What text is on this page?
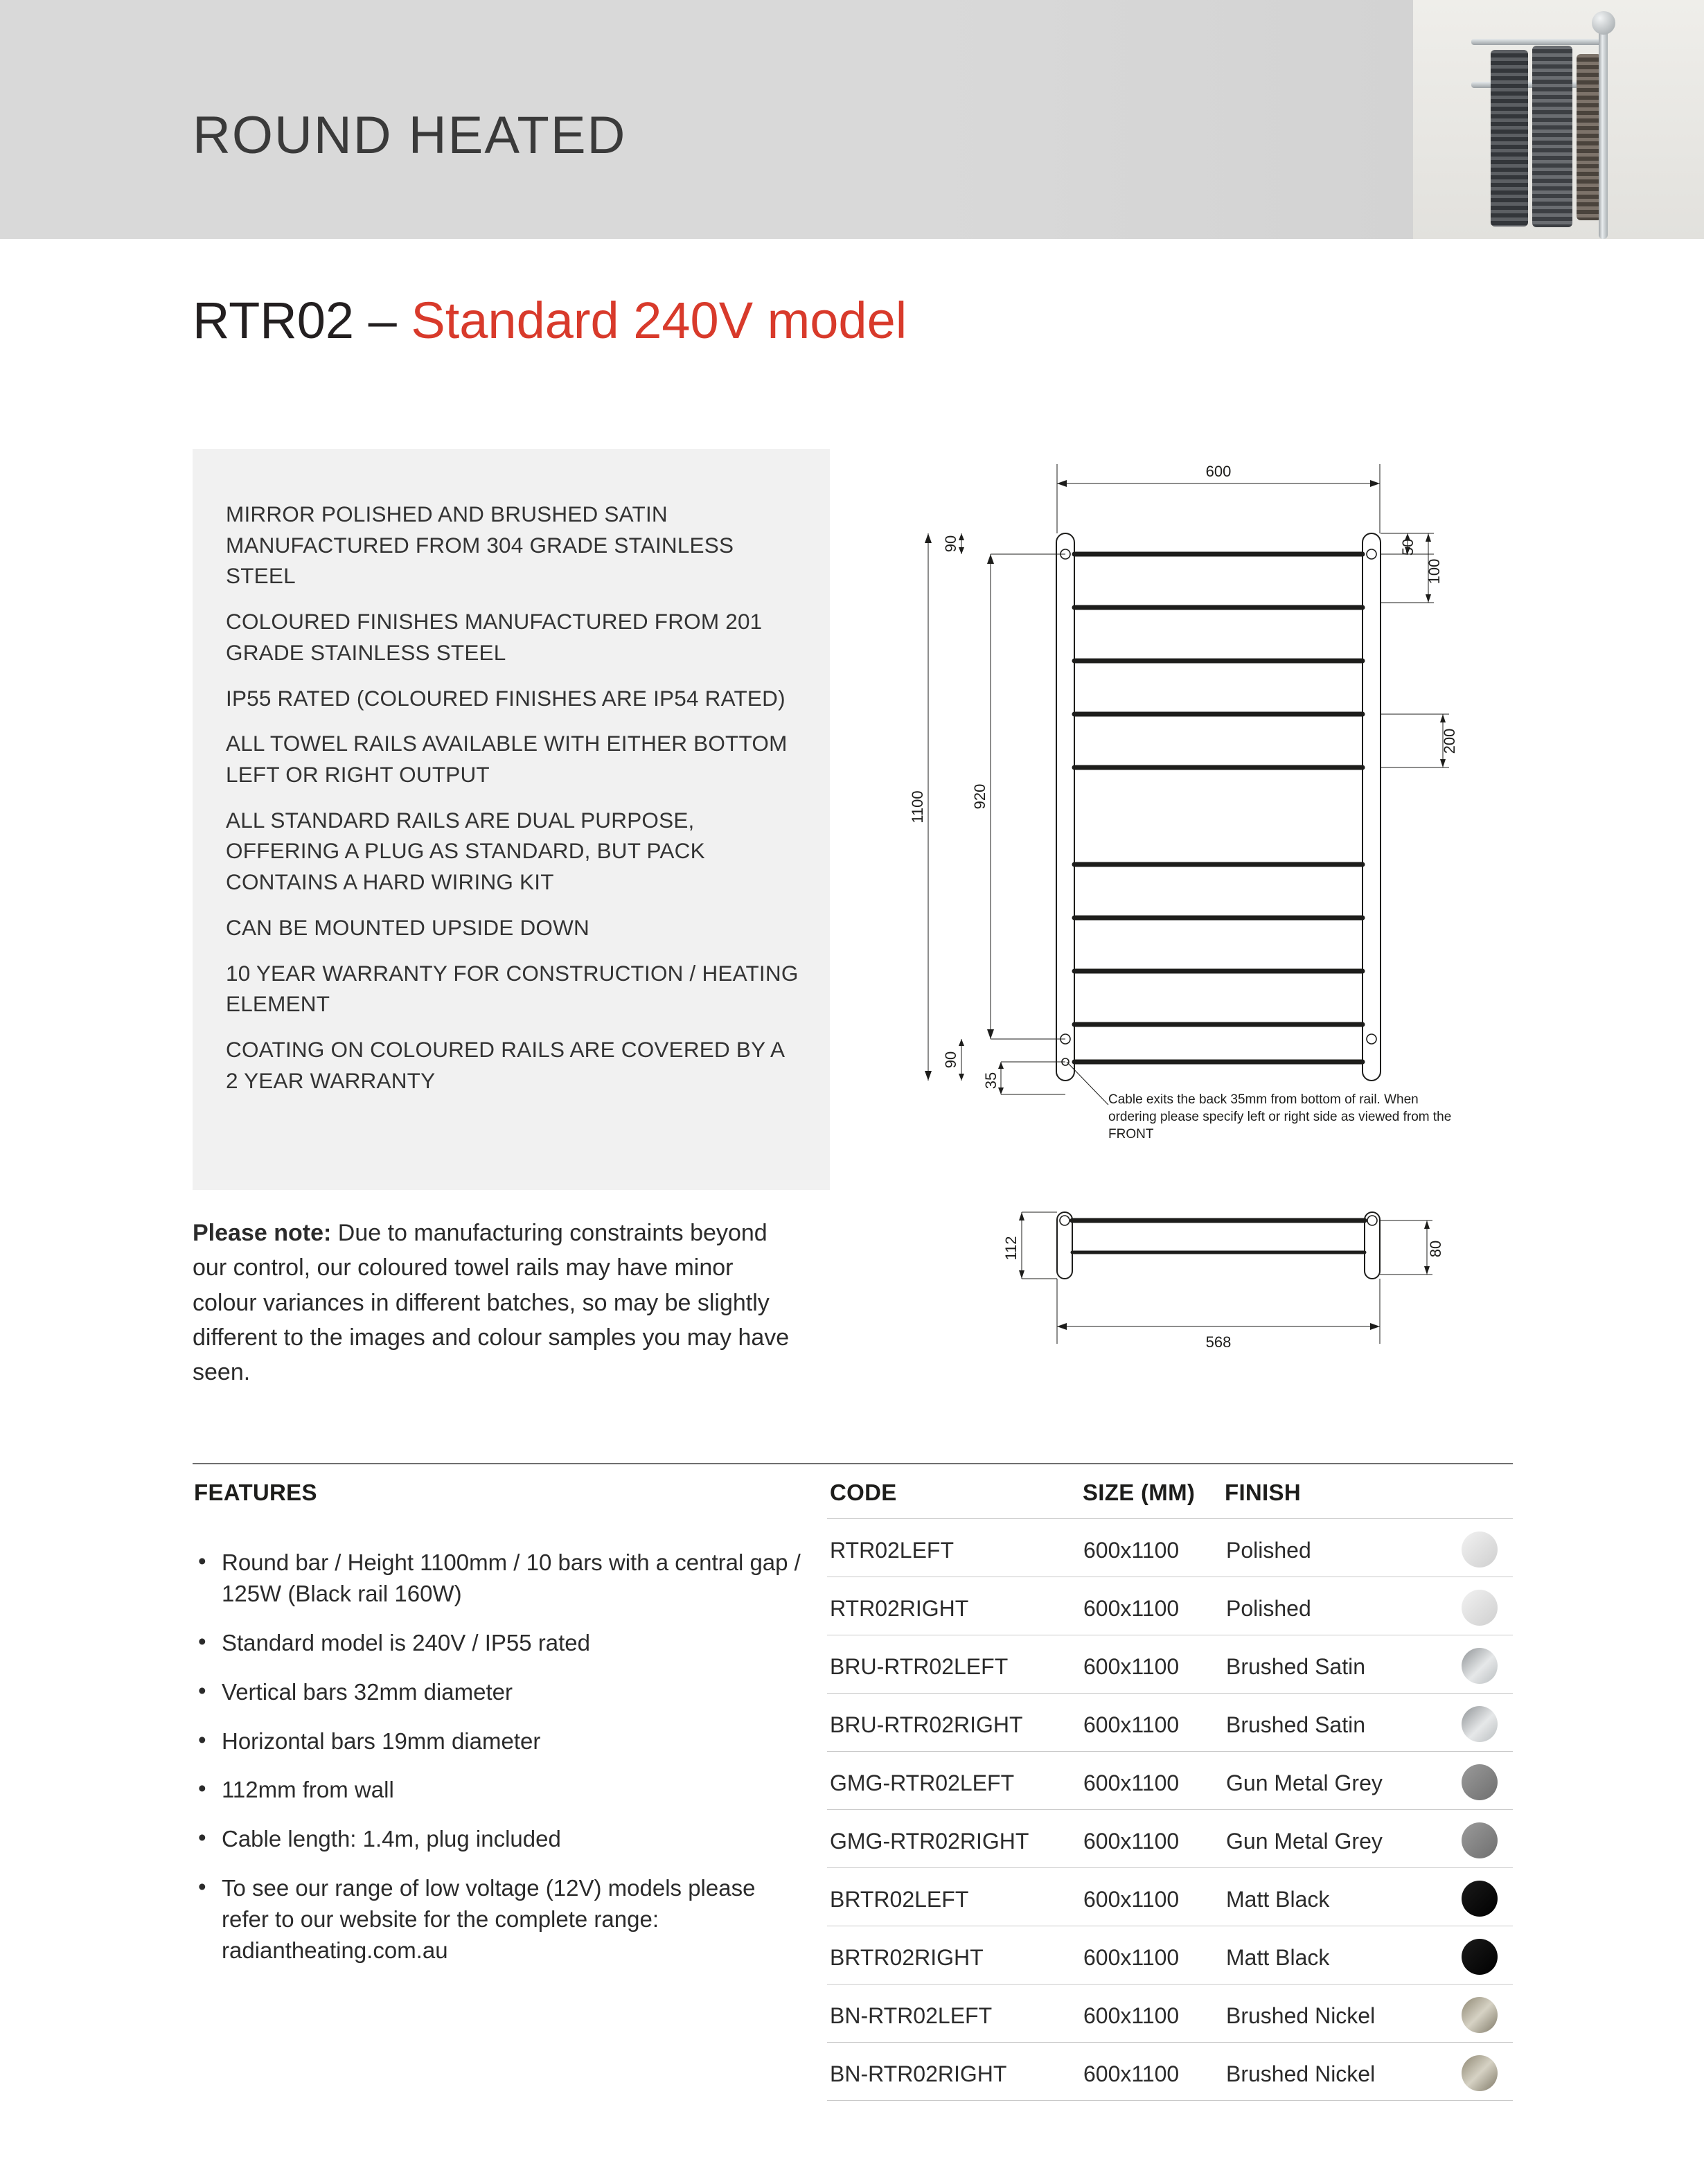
ROUND HEATED
RTR02 – Standard 240V model
MIRROR POLISHED AND BRUSHED SATIN MANUFACTURED FROM 304 GRADE STAINLESS STEEL
COLOURED FINISHES MANUFACTURED FROM 201 GRADE STAINLESS STEEL
IP55 RATED (COLOURED FINISHES ARE IP54 RATED)
ALL TOWEL RAILS AVAILABLE WITH EITHER BOTTOM LEFT OR RIGHT OUTPUT
ALL STANDARD RAILS ARE DUAL PURPOSE, OFFERING A PLUG AS STANDARD, BUT PACK CONTAINS A HARD WIRING KIT
CAN BE MOUNTED UPSIDE DOWN
10 YEAR WARRANTY FOR CONSTRUCTION / HEATING ELEMENT
COATING ON COLOURED RAILS ARE COVERED BY A 2 YEAR WARRANTY
Please note: Due to manufacturing constraints beyond our control, our coloured towel rails may have minor colour variances in different batches, so may be slightly different to the images and colour samples you may have seen.
600
1100	920
90
90
35
50
100
200
112	80
568
Cable exits the back 35mm from bottom of rail. When ordering please specify left or right side as viewed from the FRONT
FEATURES	CODE	SIZE (MM) FINISH
• Round bar / Height 1100mm / 10 bars with a central gap / 125W (Black rail 160W)
• Standard model is 240V / IP55 rated
• Vertical bars 32mm diameter
• Horizontal bars 19mm diameter
• 112mm from wall
• Cable length: 1.4m, plug included
• To see our range of low voltage (12V) models please refer to our website for the complete range: radiantheating.com.au
RTR02LEFT	600x1100 Polished
RTR02RIGHT	600x1100 Polished
BRU-RTR02LEFT	600x1100 Brushed Satin
BRU-RTR02RIGHT	600x1100 Brushed Satin
GMG-RTR02LEFT	600x1100 Gun Metal Grey
GMG-RTR02RIGHT 600x1100 Gun Metal Grey
BRTR02LEFT	600x1100 Matt Black
BRTR02RIGHT	600x1100 Matt Black
BN-RTR02LEFT	600x1100 Brushed Nickel
BN-RTR02RIGHT	600x1100 Brushed Nickel
